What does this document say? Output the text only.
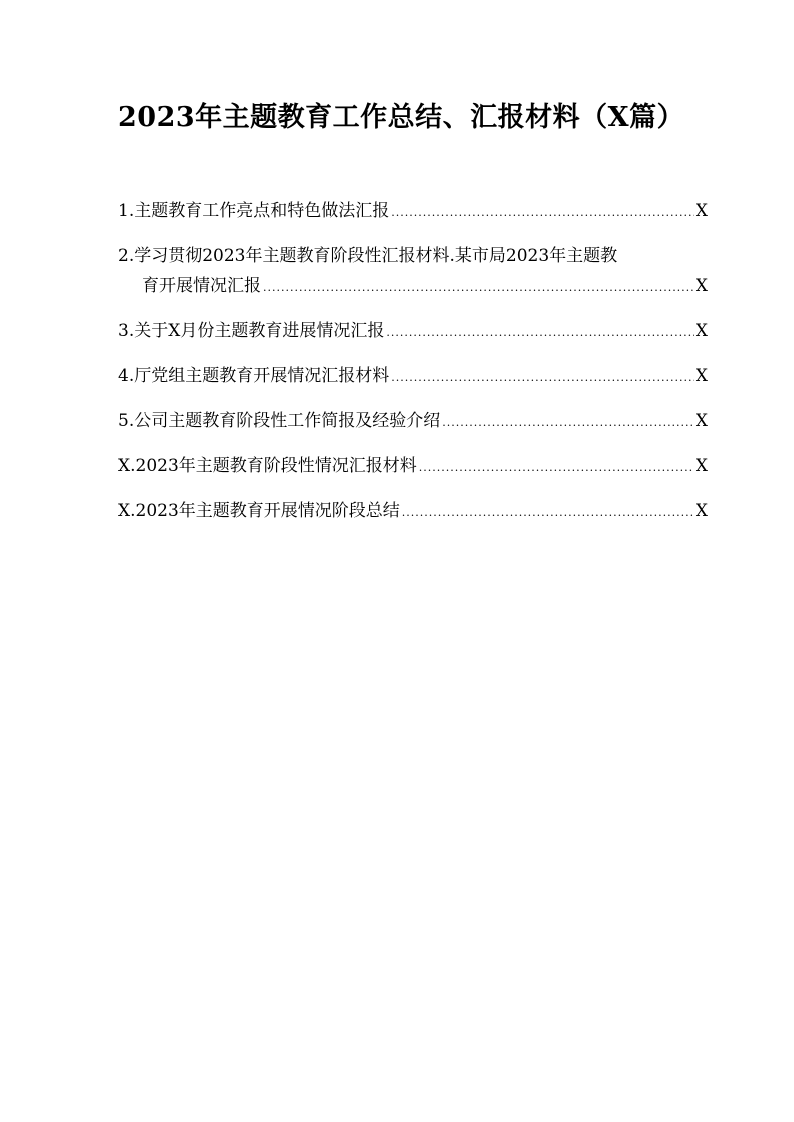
2023年主题教育工作总结、汇报材料（X篇）
1. 主题教育工作亮点和特色做法汇报 .....	X
2. 学习贯彻2023年主题教育阶段性汇报材料.某市局2023年主题教
育开展情况汇报 .....	X
3. 关于X月份主题教育进展情况汇报 .....	X
4. 厅党组主题教育开展情况汇报材料 .....	X
5. 公司主题教育阶段性工作简报及经验介绍 .....	X
X. 2023年主题教育阶段性情况汇报材料 .....	X
X. 2023年主题教育开展情况阶段总结 .....	X
